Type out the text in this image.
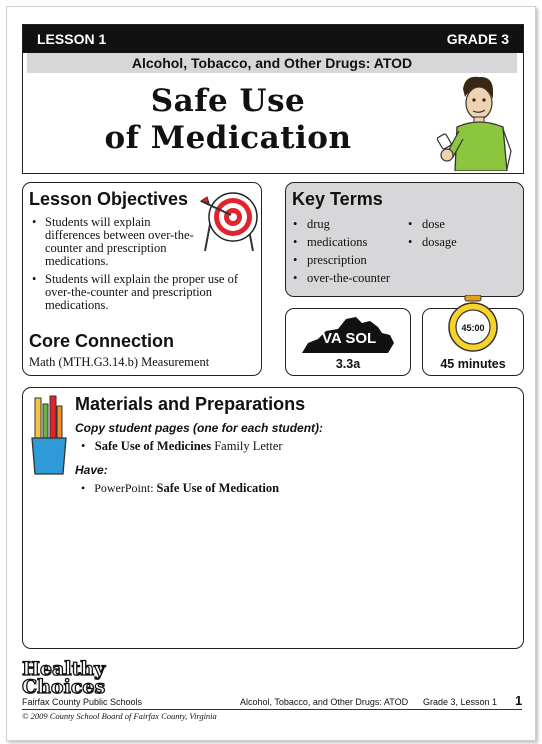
LESSON 1	GRADE 3
Alcohol, Tobacco, and Other Drugs: ATOD
Safe Use
of Medication
Lesson Objectives
• Students will explain differences between over-the-counter and prescription medications.
• Students will explain the proper use of over-the-counter and prescription medications.
Core Connection
Math (MTH.G3.14.b) Measurement
Key Terms
• drug
• medications
• prescription
• over-the-counter
• dose
• dosage
VA SOL
3.3a
45:00
45 minutes
Materials and Preparations
Copy student pages (one for each student):
•   Safe Use of Medicines Family Letter
Have:
•   PowerPoint: Safe Use of Medication
Healthy
Choices
Fairfax County Public Schools
© 2009 County School Board of Fairfax County, Virginia
Alcohol, Tobacco, and Other Drugs: ATOD Grade 3, Lesson 1 1
